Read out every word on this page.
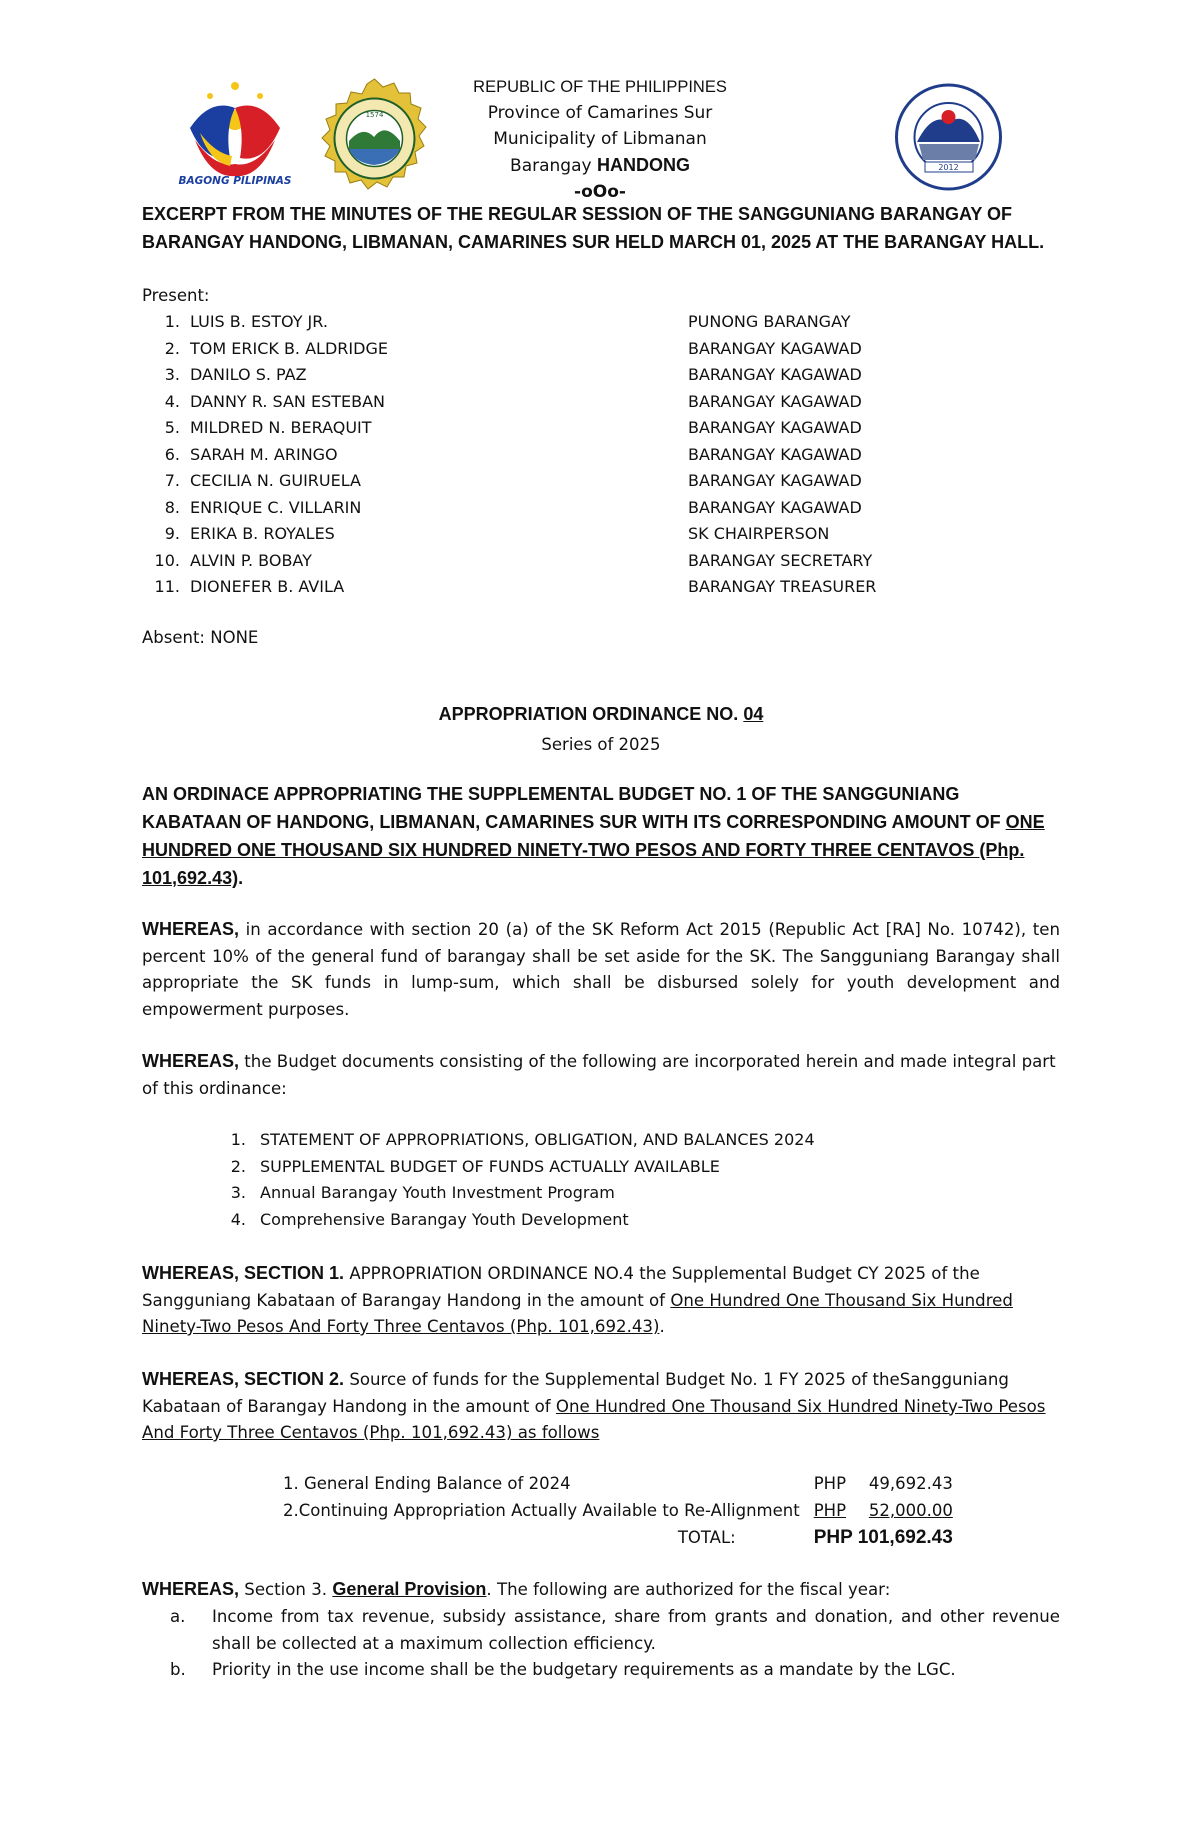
BAGONG PILIPINAS
1574
2012
REPUBLIC OF THE PHILIPPINES
Province of Camarines Sur
Municipality of Libmanan
Barangay HANDONG
-oOo-
EXCERPT FROM THE MINUTES OF THE REGULAR SESSION OF THE SANGGUNIANG BARANGAY OF BARANGAY HANDONG, LIBMANAN, CAMARINES SUR HELD MARCH 01, 2025 AT THE BARANGAY HALL.
Present:
1. LUIS B. ESTOY JR.	PUNONG BARANGAY
2. TOM ERICK B. ALDRIDGE	BARANGAY KAGAWAD
3. DANILO S. PAZ	BARANGAY KAGAWAD
4. DANNY R. SAN ESTEBAN	BARANGAY KAGAWAD
5. MILDRED N. BERAQUIT	BARANGAY KAGAWAD
6. SARAH M. ARINGO	BARANGAY KAGAWAD
7. CECILIA N. GUIRUELA	BARANGAY KAGAWAD
8. ENRIQUE C. VILLARIN	BARANGAY KAGAWAD
9. ERIKA B. ROYALES	SK CHAIRPERSON
10. ALVIN P. BOBAY	BARANGAY SECRETARY
11. DIONEFER B. AVILA	BARANGAY TREASURER
Absent: NONE
APPROPRIATION ORDINANCE NO. 04
Series of 2025
AN ORDINACE APPROPRIATING THE SUPPLEMENTAL BUDGET NO. 1 OF THE SANGGUNIANG KABATAAN OF HANDONG, LIBMANAN, CAMARINES SUR WITH ITS CORRESPONDING AMOUNT OF ONE HUNDRED ONE THOUSAND SIX HUNDRED NINETY-TWO PESOS AND FORTY THREE CENTAVOS (Php. 101,692.43).
WHEREAS, in accordance with section 20 (a) of the SK Reform Act 2015 (Republic Act [RA] No. 10742), ten percent 10% of the general fund of barangay shall be set aside for the SK. The Sangguniang Barangay shall appropriate the SK funds in lump-sum, which shall be disbursed solely for youth development and empowerment purposes.
WHEREAS, the Budget documents consisting of the following are incorporated herein and made integral part of this ordinance:
1. STATEMENT OF APPROPRIATIONS, OBLIGATION, AND BALANCES 2024
2. SUPPLEMENTAL BUDGET OF FUNDS ACTUALLY AVAILABLE
3. Annual Barangay Youth Investment Program
4. Comprehensive Barangay Youth Development
WHEREAS, SECTION 1. APPROPRIATION ORDINANCE NO.4 the Supplemental Budget CY 2025 of the Sangguniang Kabataan of Barangay Handong in the amount of One Hundred One Thousand Six Hundred Ninety-Two Pesos And Forty Three Centavos (Php. 101,692.43).
WHEREAS, SECTION 2. Source of funds for the Supplemental Budget No. 1 FY 2025 of theSangguniang Kabataan of Barangay Handong in the amount of One Hundred One Thousand Six Hundred Ninety-Two Pesos And Forty Three Centavos (Php. 101,692.43) as follows
1. General Ending Balance of 2024	PHP	49,692.43
2.Continuing Appropriation Actually Available to Re-Allignment	PHP	52,000.00
TOTAL:	PHP 101,692.43	
WHEREAS, Section 3. General Provision. The following are authorized for the fiscal year:
a.	Income from tax revenue, subsidy assistance, share from grants and donation, and other revenue shall be collected at a maximum collection efficiency.
b.	Priority in the use income shall be the budgetary requirements as a mandate by the LGC.
